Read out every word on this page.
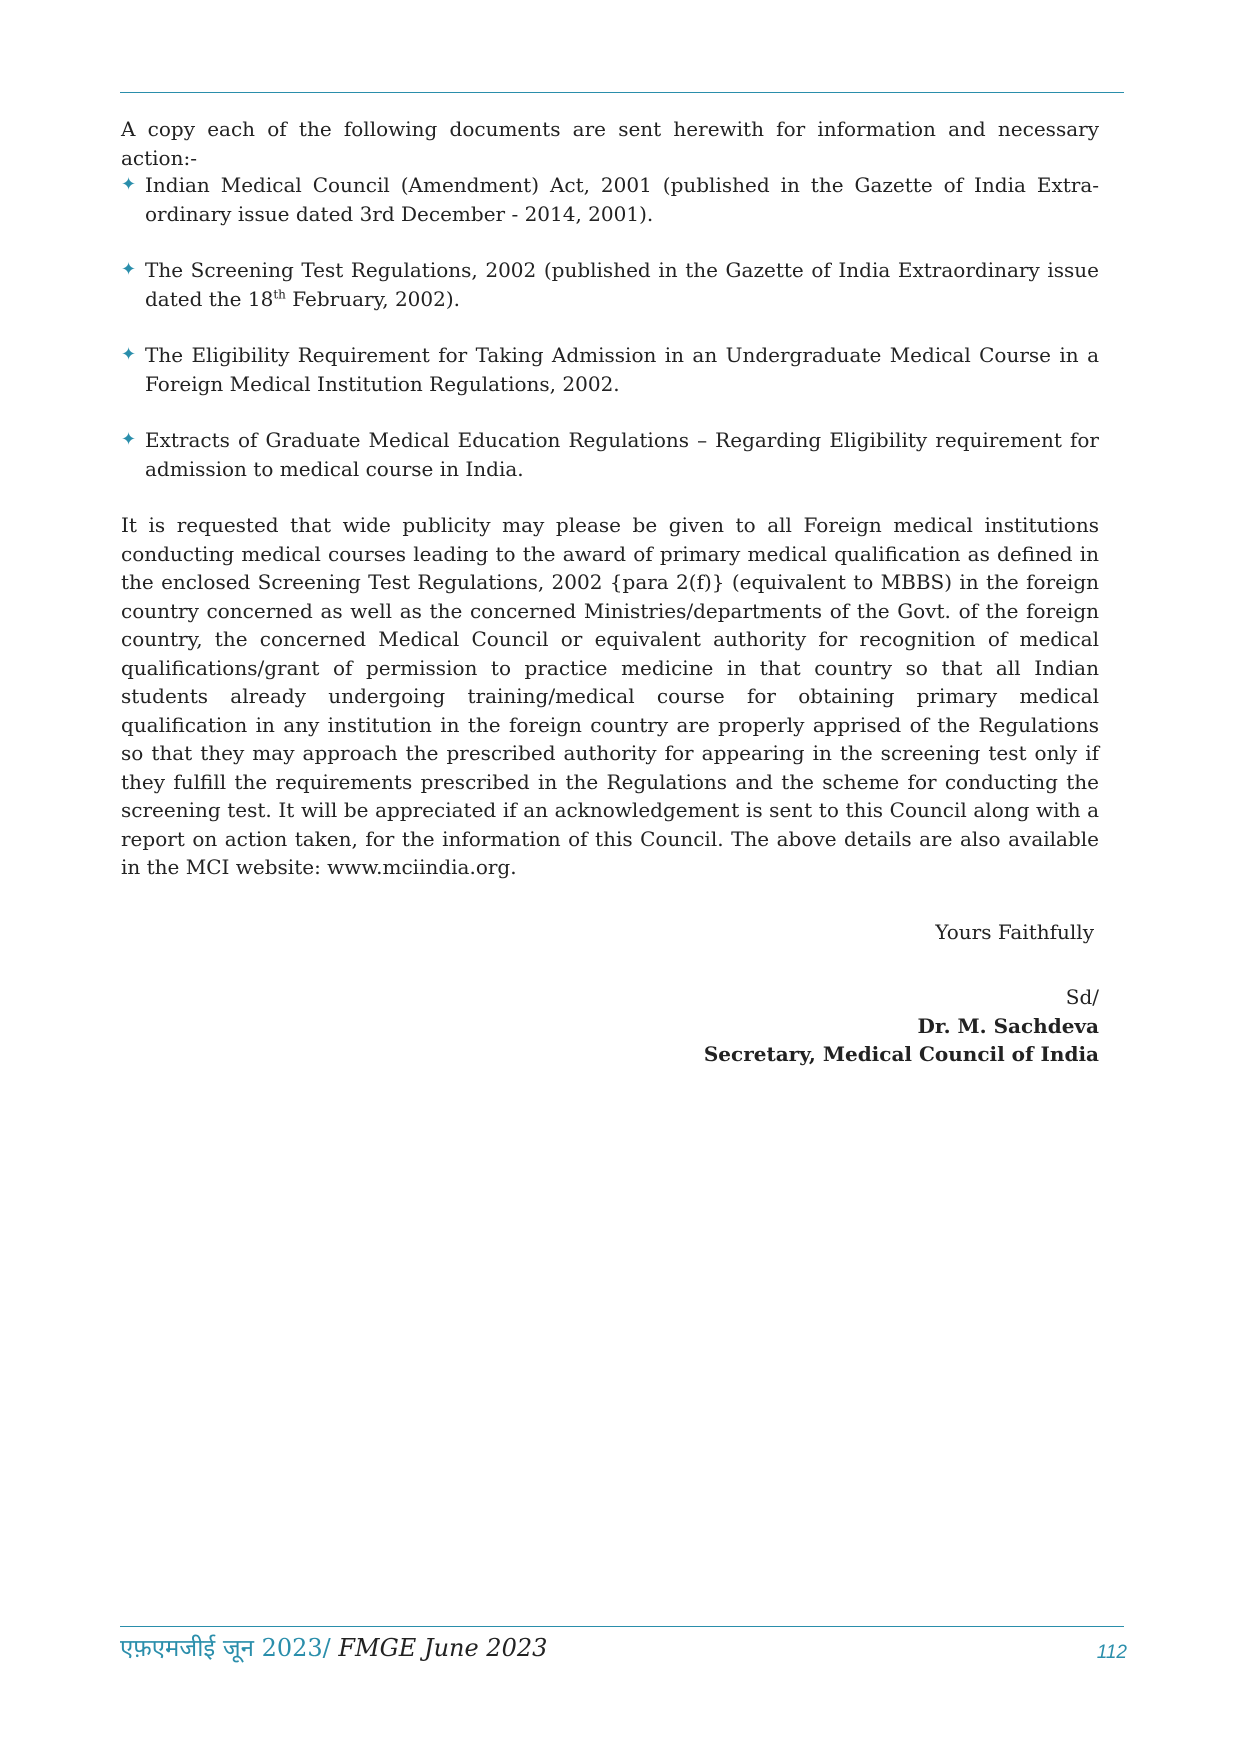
A copy each of the following documents are sent herewith for information and necessary
action:-
✦ Indian Medical Council (Amendment) Act, 2001 (published in the Gazette of India Extra-ordinary issue dated 3rd December - 2014, 2001).
✦ The Screening Test Regulations, 2002 (published in the Gazette of India Extraordinary issue dated the 18th February, 2002).
✦ The Eligibility Requirement for Taking Admission in an Undergraduate Medical Course in a Foreign Medical Institution Regulations, 2002.
✦ Extracts of Graduate Medical Education Regulations – Regarding Eligibility requirement for admission to medical course in India.
It is requested that wide publicity may please be given to all Foreign medical institutions
conducting medical courses leading to the award of primary medical qualification as defined in
the enclosed Screening Test Regulations, 2002 {para 2(f)} (equivalent to MBBS) in the foreign
country concerned as well as the concerned Ministries/departments of the Govt. of the foreign
country, the concerned Medical Council or equivalent authority for recognition of medical
qualifications/grant of permission to practice medicine in that country so that all Indian
students already undergoing training/medical course for obtaining primary medical
qualification in any institution in the foreign country are properly apprised of the Regulations
so that they may approach the prescribed authority for appearing in the screening test only if
they fulfill the requirements prescribed in the Regulations and the scheme for conducting the
screening test. It will be appreciated if an acknowledgement is sent to this Council along with a
report on action taken, for the information of this Council. The above details are also available
in the MCI website: www.mciindia.org.
Yours Faithfully
Sd/
Dr. M. Sachdeva
Secretary, Medical Council of India
एफ़एमजीई जून 2023/ FMGE June 2023	112
